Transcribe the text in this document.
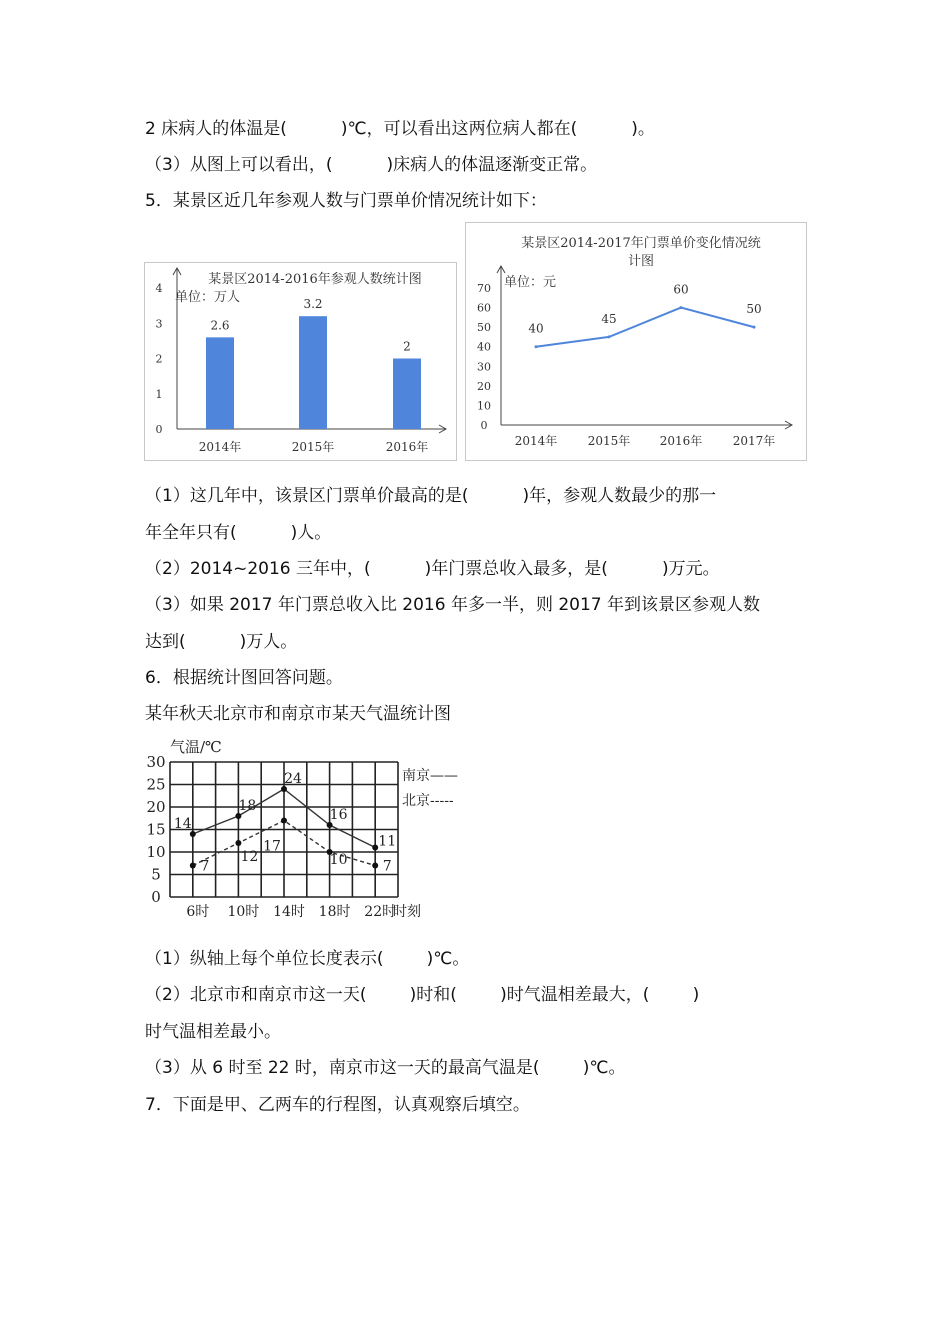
2 床病人的体温是(          )℃，可以看出这两位病人都在(          )。
（3）从图上可以看出，(          )床病人的体温逐渐变正常。
5．某景区近几年参观人数与门票单价情况统计如下：
某景区2014-2016年参观人数统计图
0
1
2
3
4
单位：万人
2.6
2014年
3.2
2015年
2
2016年
某景区2014-2017年门票单价变化情况统
计图
0
10
20
30
40
50
60
70 单位：元
40
2014年
45
2015年
60
2016年
50
2017年
（1）这几年中，该景区门票单价最高的是(          )年，参观人数最少的那一
年全年只有(          )人。
（2）2014~2016 三年中，(          )年门票总收入最多，是(          )万元。
（3）如果 2017 年门票总收入比 2016 年多一半，则 2017 年到该景区参观人数
达到(          )万人。
6．根据统计图回答问题。
某年秋天北京市和南京市某天气温统计图
气温/℃
0
5
10
15
20
25
30
6时 10时 14时 18时 22时
时刻
14
18
24
16
11
南京——
7
12
17
10	7
北京-----
（1）纵轴上每个单位长度表示(        )℃。
（2）北京市和南京市这一天(        )时和(        )时气温相差最大，(        )
时气温相差最小。
（3）从 6 时至 22 时，南京市这一天的最高气温是(        )℃。
7．下面是甲、乙两车的行程图，认真观察后填空。
